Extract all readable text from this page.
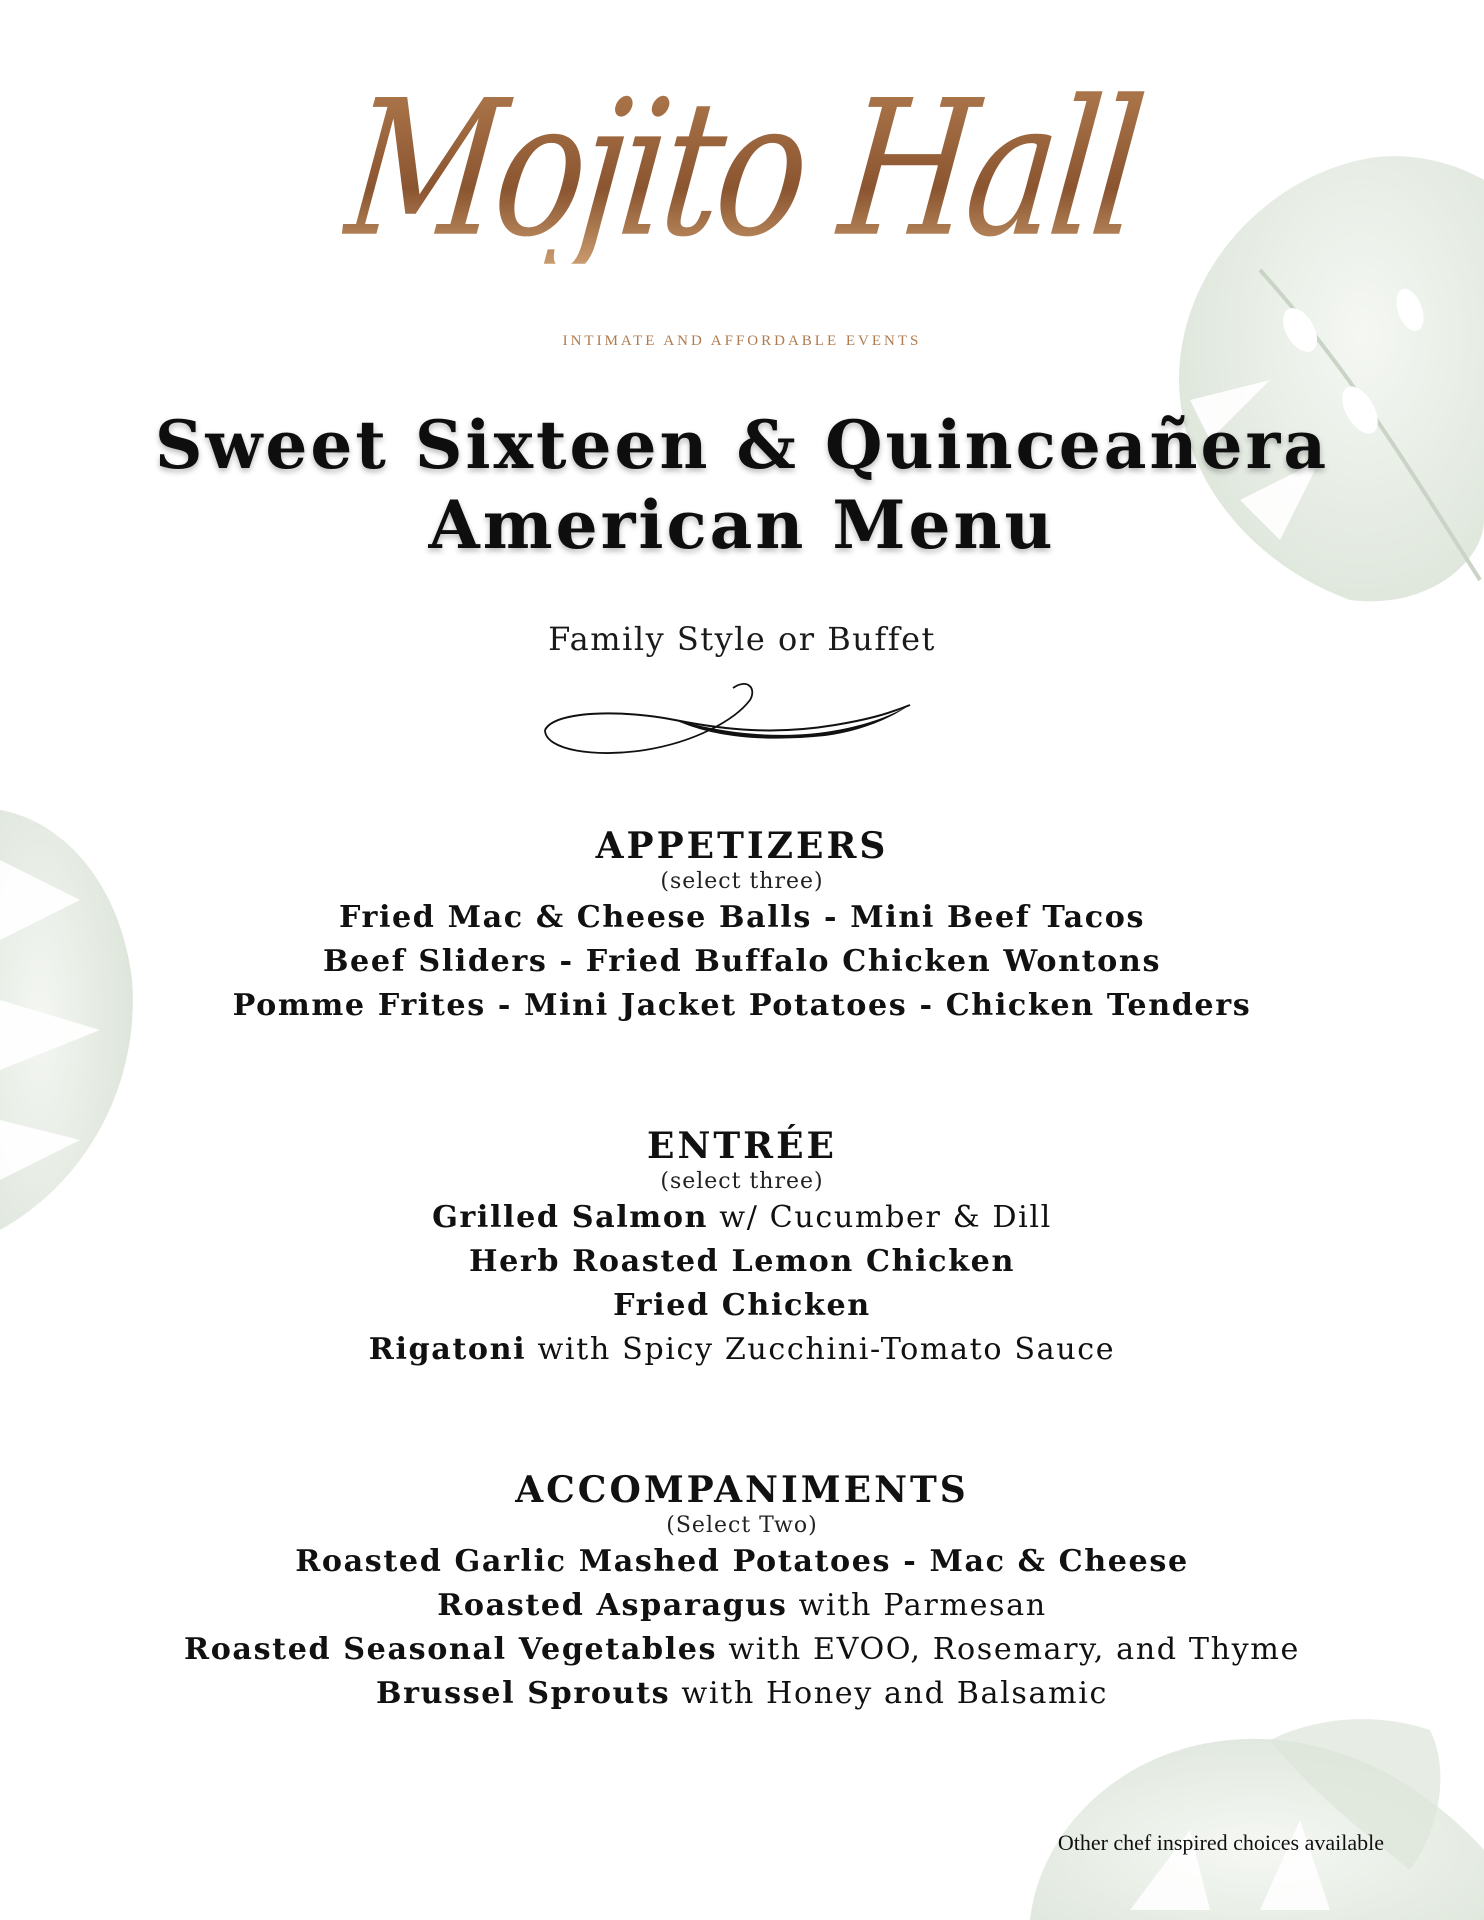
Mojito Hall
INTIMATE AND AFFORDABLE EVENTS
Sweet Sixteen & Quinceañera
American Menu
Family Style or Buffet
APPETIZERS
(select three)
Fried Mac & Cheese Balls - Mini Beef Tacos
Beef Sliders - Fried Buffalo Chicken Wontons
Pomme Frites - Mini Jacket Potatoes - Chicken Tenders
ENTRÉE
(select three)
Grilled Salmon w/ Cucumber & Dill
Herb Roasted Lemon Chicken
Fried Chicken
Rigatoni with Spicy Zucchini-Tomato Sauce
ACCOMPANIMENTS
(Select Two)
Roasted Garlic Mashed Potatoes - Mac & Cheese
Roasted Asparagus with Parmesan
Roasted Seasonal Vegetables with EVOO, Rosemary, and Thyme
Brussel Sprouts with Honey and Balsamic
Other chef inspired choices available
